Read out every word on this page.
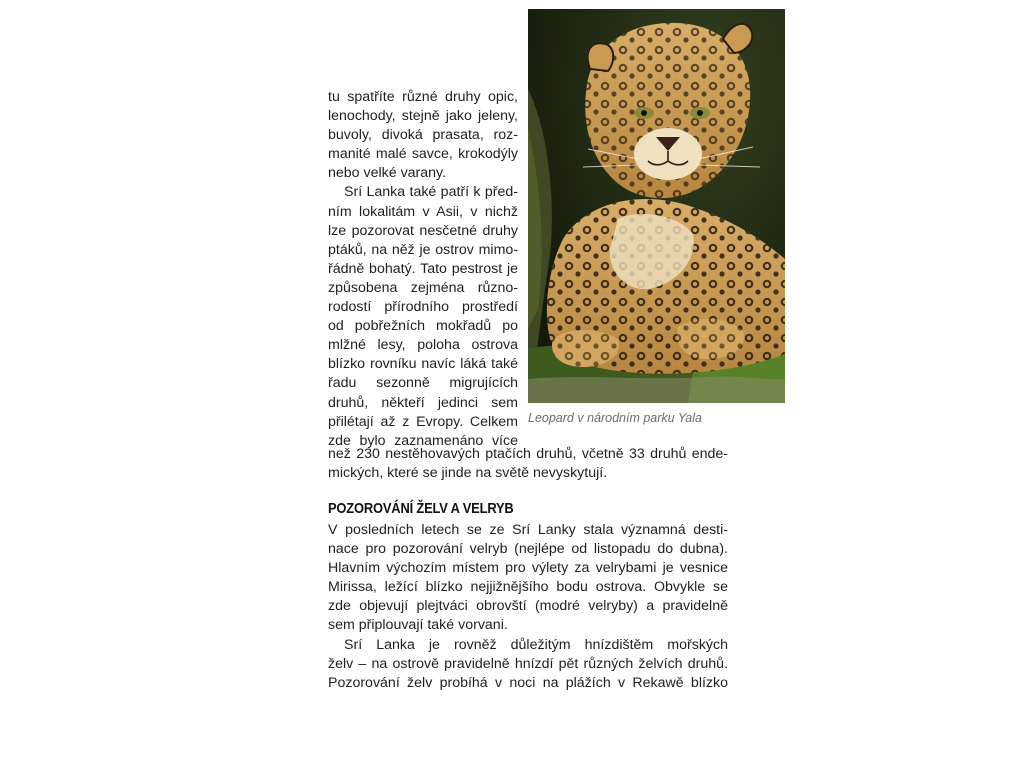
Leopard v národním parku Yala
tu spatříte různé druhy opic,
lenochody, stejně jako jeleny,
buvoly, divoká prasata, roz-
manité malé savce, krokodýly
nebo velké varany.
Srí Lanka také patří k před-
ním lokalitám v Asii, v nichž
lze pozorovat nesčetné druhy
ptáků, na něž je ostrov mimo-
řádně bohatý. Tato pestrost je
způsobena zejména různo-
rodostí přírodního prostředí
od pobřežních mokřadů po
mlžné lesy, poloha ostrova
blízko rovníku navíc láká také
řadu sezonně migrujících
druhů, někteří jedinci sem
přilétají až z Evropy. Celkem
zde bylo zaznamenáno více
než 230 nestěhovavých ptačích druhů, včetně 33 druhů ende-
mických, které se jinde na světě nevyskytují.
POZOROVÁNÍ ŽELV A VELRYB
V posledních letech se ze Srí Lanky stala významná desti-
nace pro pozorování velryb (nejlépe od listopadu do dubna).
Hlavním výchozím místem pro výlety za velrybami je vesnice
Mirissa, ležící blízko nejjižnějšího bodu ostrova. Obvykle se
zde objevují plejtváci obrovští (modré velryby) a pravidelně
sem připlouvají také vorvani.
Srí Lanka je rovněž důležitým hnízdištěm mořských
želv – na ostrově pravidelně hnízdí pět různých želvích druhů.
Pozorování želv probíhá v noci na plážích v Rekawě blízko
